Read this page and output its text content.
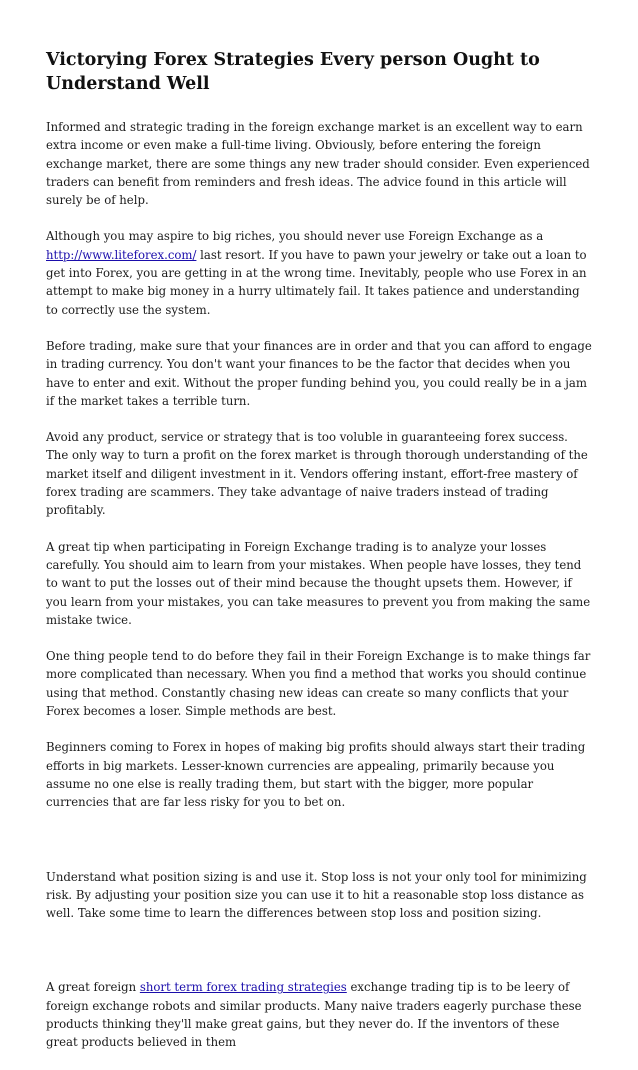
Victorying Forex Strategies Every person Ought to Understand Well

Informed and strategic trading in the foreign exchange market is an excellent way to earn extra income or even make a full-time living. Obviously, before entering the foreign exchange market, there are some things any new trader should consider. Even experienced traders can benefit from reminders and fresh ideas. The advice found in this article will surely be of help.

Although you may aspire to big riches, you should never use Foreign Exchange as a http://www.liteforex.com/ last resort. If you have to pawn your jewelry or take out a loan to get into Forex, you are getting in at the wrong time. Inevitably, people who use Forex in an attempt to make big money in a hurry ultimately fail. It takes patience and understanding to correctly use the system.

Before trading, make sure that your finances are in order and that you can afford to engage in trading currency. You don't want your finances to be the factor that decides when you have to enter and exit. Without the proper funding behind you, you could really be in a jam if the market takes a terrible turn.

Avoid any product, service or strategy that is too voluble in guaranteeing forex success. The only way to turn a profit on the forex market is through thorough understanding of the market itself and diligent investment in it. Vendors offering instant, effort-free mastery of forex trading are scammers. They take advantage of naive traders instead of trading profitably.

A great tip when participating in Foreign Exchange trading is to analyze your losses carefully. You should aim to learn from your mistakes. When people have losses, they tend to want to put the losses out of their mind because the thought upsets them. However, if you learn from your mistakes, you can take measures to prevent you from making the same mistake twice.

One thing people tend to do before they fail in their Foreign Exchange is to make things far more complicated than necessary. When you find a method that works you should continue using that method. Constantly chasing new ideas can create so many conflicts that your Forex becomes a loser. Simple methods are best.

Beginners coming to Forex in hopes of making big profits should always start their trading efforts in big markets. Lesser-known currencies are appealing, primarily because you assume no one else is really trading them, but start with the bigger, more popular currencies that are far less risky for you to bet on.

Understand what position sizing is and use it. Stop loss is not your only tool for minimizing risk. By adjusting your position size you can use it to hit a reasonable stop loss distance as well. Take some time to learn the differences between stop loss and position sizing.

A great foreign short term forex trading strategies exchange trading tip is to be leery of foreign exchange robots and similar products. Many naive traders eagerly purchase these products thinking they'll make great gains, but they never do. If the inventors of these great products believed in them
